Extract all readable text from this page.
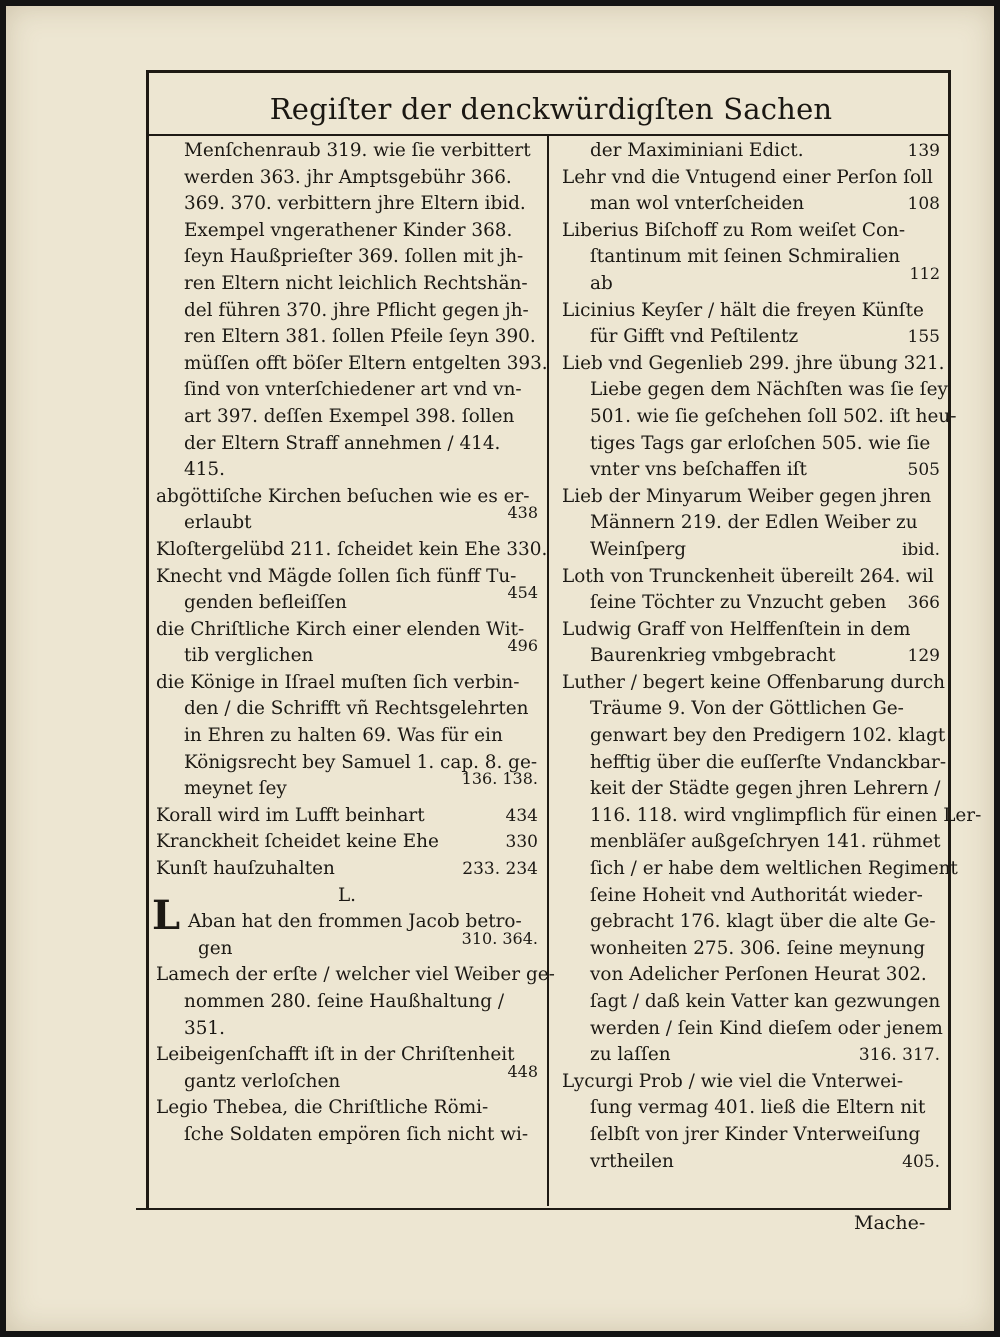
Regiſter der denckwürdigſten Sachen
Menſchenraub 319. wie ſie verbittert
werden 363. jhr Amptsgebühr 366.
369. 370. verbittern jhre Eltern ibid.
Exempel vngerathener Kinder 368.
ſeyn Haußprieſter 369. ſollen mit jh-
ren Eltern nicht leichlich Rechtshän-
del führen 370. jhre Pflicht gegen jh-
ren Eltern 381. ſollen Pfeile ſeyn 390.
müſſen offt böſer Eltern entgelten 393.
ſind von vnterſchiedener art vnd vn-
art 397. deſſen Exempel 398. ſollen
der Eltern Straff annehmen / 414.
415.
abgöttiſche Kirchen beſuchen wie es er-
erlaubt	438
Kloſtergelübd 211. ſcheidet kein Ehe 330.
Knecht vnd Mägde ſollen ſich fünff Tu-
genden befleiſſen	454
die Chriſtliche Kirch einer elenden Wit-
tib verglichen	496
die Könige in Iſrael muſten ſich verbin-
den / die Schrifft vñ Rechtsgelehrten
in Ehren zu halten 69. Was für ein
Königsrecht bey Samuel 1. cap. 8. ge-
meynet ſey	136. 138.
Korall wird im Lufft beinhart	434
Kranckheit ſcheidet keine Ehe	330
Kunſt hauſzuhalten	233. 234
L.
L Aban hat den frommen Jacob betro-
gen	310. 364.
Lamech der erſte / welcher viel Weiber ge-
nommen 280. ſeine Haußhaltung /
351.
Leibeigenſchafft iſt in der Chriſtenheit
gantz verloſchen	448
Legio Thebea, die Chriſtliche Römi-
ſche Soldaten empören ſich nicht wi-
der Maximiniani Edict.	139
Lehr vnd die Vntugend einer Perſon ſoll
man wol vnterſcheiden	108
Liberius Biſchoff zu Rom weiſet Con-
ſtantinum mit ſeinen Schmiralien
ab	112
Licinius Keyſer / hält die freyen Künſte
für Gifft vnd Peſtilentz	155
Lieb vnd Gegenlieb 299. jhre übung 321.
Liebe gegen dem Nächſten was ſie ſey
501. wie ſie geſchehen ſoll 502. iſt heu-
tiges Tags gar erloſchen 505. wie ſie
vnter vns beſchaffen iſt	505
Lieb der Minyarum Weiber gegen jhren
Männern 219. der Edlen Weiber zu
Weinſperg	ibid.
Loth von Trunckenheit übereilt 264. wil
ſeine Töchter zu Vnzucht geben 366
Ludwig Graff von Helffenſtein in dem
Baurenkrieg vmbgebracht	129
Luther / begert keine Offenbarung durch
Träume 9. Von der Göttlichen Ge-
genwart bey den Predigern 102. klagt
hefftig über die euſſerſte Vndanckbar-
keit der Städte gegen jhren Lehrern /
116. 118. wird vnglimpflich für einen Ler-
menbläſer außgeſchryen 141. rühmet
ſich / er habe dem weltlichen Regiment
ſeine Hoheit vnd Authoritát wieder-
gebracht 176. klagt über die alte Ge-
wonheiten 275. 306. ſeine meynung
von Adelicher Perſonen Heurat 302.
ſagt / daß kein Vatter kan gezwungen
werden / ſein Kind dieſem oder jenem
zu laſſen	316. 317.
Lycurgi Prob / wie viel die Vnterwei-
ſung vermag 401. ließ die Eltern nit
ſelbſt von jrer Kinder Vnterweiſung
vrtheilen	405.
Mache-
